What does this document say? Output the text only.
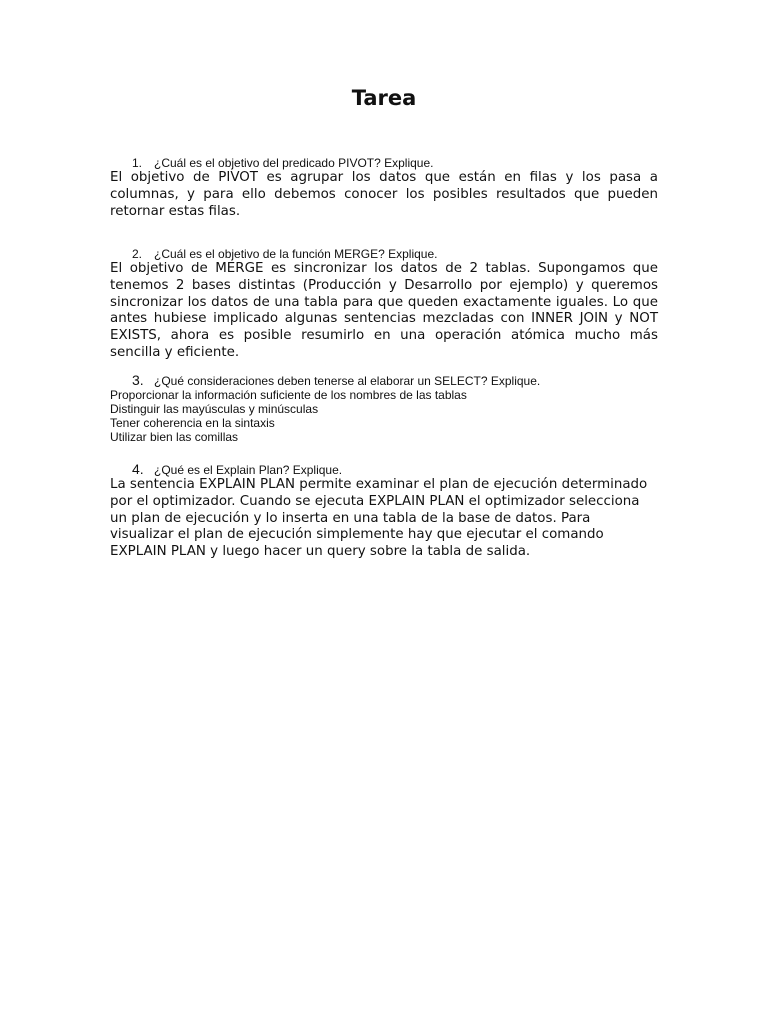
Tarea
1. ¿Cuál es el objetivo del predicado PIVOT? Explique.
El objetivo de PIVOT es agrupar los datos que están en filas y los pasa a columnas, y para ello debemos conocer los posibles resultados que pueden retornar estas filas.
2. ¿Cuál es el objetivo de la función MERGE? Explique.
El objetivo de MERGE es sincronizar los datos de 2 tablas. Supongamos que tenemos 2 bases distintas (Producción y Desarrollo por ejemplo) y queremos sincronizar los datos de una tabla para que queden exactamente iguales. Lo que antes hubiese implicado algunas sentencias mezcladas con INNER JOIN y NOT EXISTS, ahora es posible resumirlo en una operación atómica mucho más sencilla y eficiente.
3. ¿Qué consideraciones deben tenerse al elaborar un SELECT? Explique.
Proporcionar la información suficiente de los nombres de las tablas
Distinguir las mayúsculas y minúsculas
Tener coherencia en la sintaxis
Utilizar bien las comillas
4. ¿Qué es el Explain Plan? Explique.
La sentencia EXPLAIN PLAN permite examinar el plan de ejecución determinado por el optimizador. Cuando se ejecuta EXPLAIN PLAN el optimizador selecciona un plan de ejecución y lo inserta en una tabla de la base de datos. Para visualizar el plan de ejecución simplemente hay que ejecutar el comando EXPLAIN PLAN y luego hacer un query sobre la tabla de salida.
